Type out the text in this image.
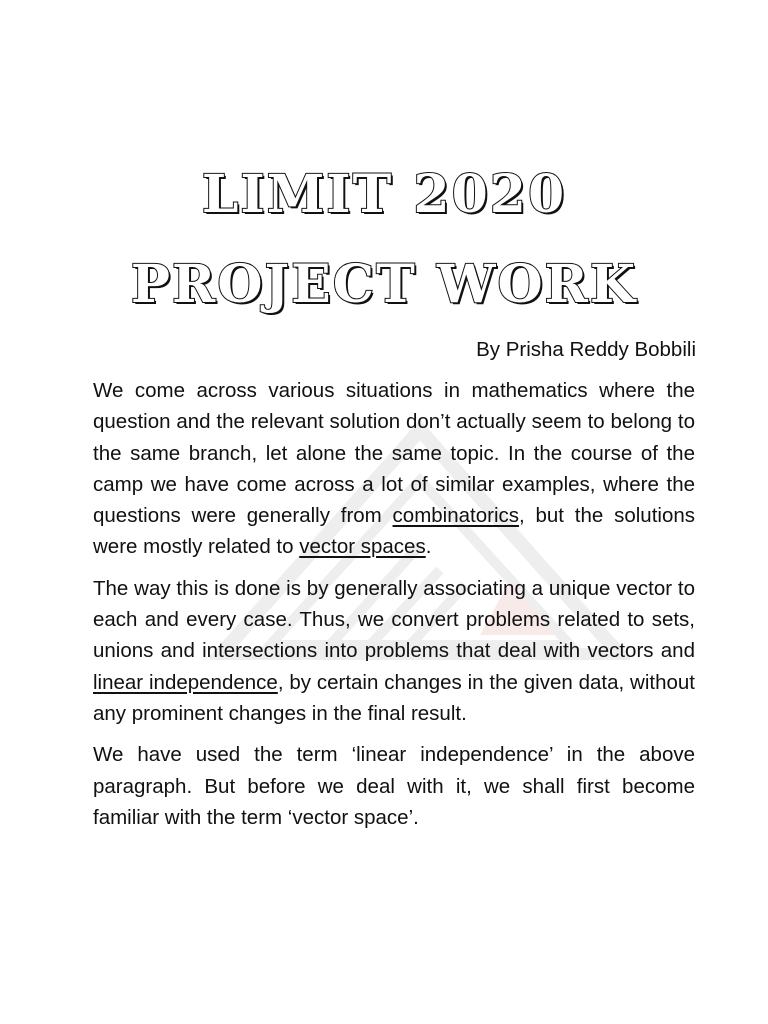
LIMIT 2020
PROJECT WORK
By Prisha Reddy Bobbili

We come across various situations in mathematics where the question and the relevant solution don’t actually seem to belong to the same branch, let alone the same topic. In the course of the camp we have come across a lot of similar examples, where the questions were generally from combinatorics, but the solutions were mostly related to vector spaces.

The way this is done is by generally associating a unique vector to each and every case. Thus, we convert problems related to sets, unions and intersections into problems that deal with vectors and linear independence, by certain changes in the given data, without any prominent changes in the final result.

We have used the term ‘linear independence’ in the above paragraph. But before we deal with it, we shall first become familiar with the term ‘vector space’.
